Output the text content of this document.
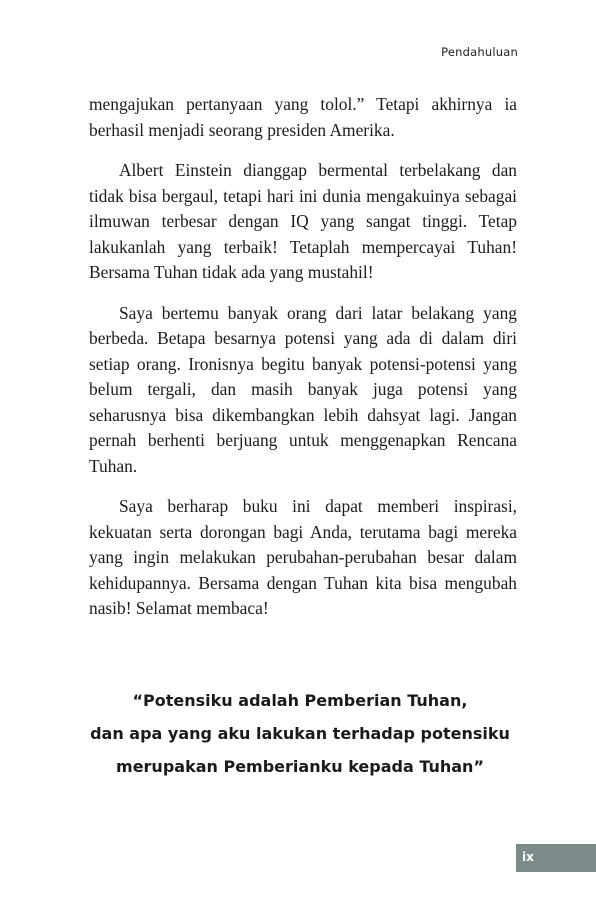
Pendahuluan

mengajukan pertanyaan yang tolol.” Tetapi akhirnya ia berhasil menjadi seorang presiden Amerika.

Albert Einstein dianggap bermental terbelakang dan tidak bisa bergaul, tetapi hari ini dunia mengakuinya sebagai ilmuwan terbesar dengan IQ yang sangat tinggi. Tetap lakukanlah yang terbaik! Tetaplah mempercayai Tuhan! Bersama Tuhan tidak ada yang mustahil!

Saya bertemu banyak orang dari latar belakang yang berbeda. Betapa besarnya potensi yang ada di dalam diri setiap orang. Ironisnya begitu banyak potensi-potensi yang belum tergali, dan masih banyak juga potensi yang seharusnya bisa dikembangkan lebih dahsyat lagi. Jangan pernah berhenti berjuang untuk menggenapkan Rencana Tuhan.

Saya berharap buku ini dapat memberi inspirasi, kekuatan serta dorongan bagi Anda, terutama bagi mereka yang ingin melakukan perubahan-perubahan besar dalam kehidupannya. Bersama dengan Tuhan kita bisa mengubah nasib! Selamat membaca!

“Potensiku adalah Pemberian Tuhan,
dan apa yang aku lakukan terhadap potensiku
merupakan Pemberianku kepada Tuhan”
ix
